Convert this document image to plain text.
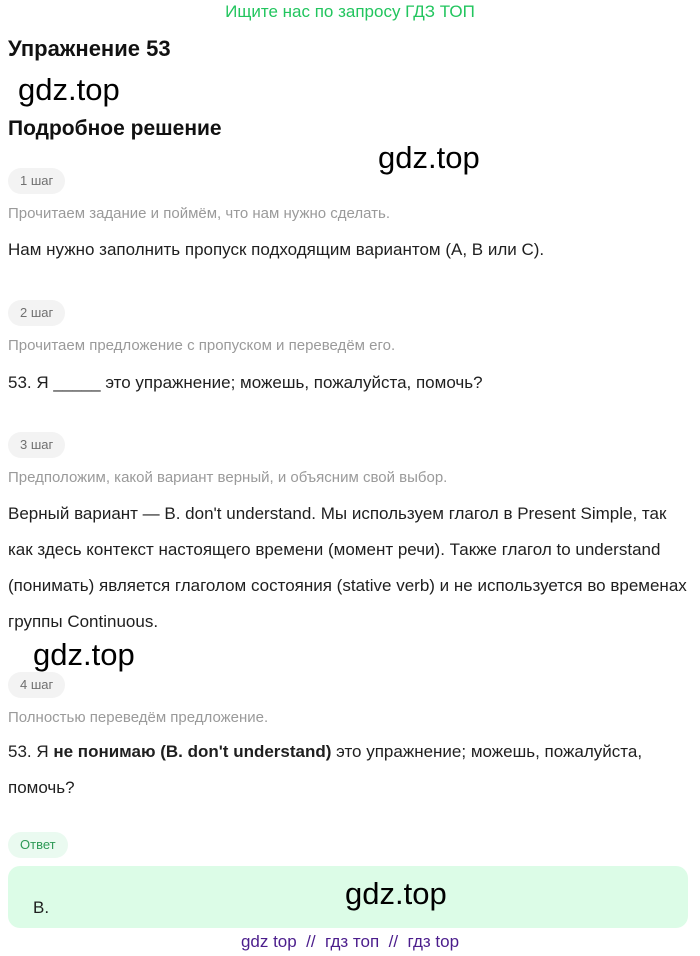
Ищите нас по запросу ГДЗ ТОП
Упражнение 53
gdz.top
Подробное решение
gdz.top
1 шаг
Прочитаем задание и поймём, что нам нужно сделать.
Нам нужно заполнить пропуск подходящим вариантом (A, B или C).
2 шаг
Прочитаем предложение с пропуском и переведём его.
53. Я _____ это упражнение; можешь, пожалуйста, помочь?
3 шаг
Предположим, какой вариант верный, и объясним свой выбор.
Верный вариант — B. don't understand. Мы используем глагол в Present Simple, так как здесь контекст настоящего времени (момент речи). Также глагол to understand (понимать) является глаголом состояния (stative verb) и не используется во временах группы Continuous.
gdz.top
4 шаг
Полностью переведём предложение.
53. Я не понимаю (B. don't understand) это упражнение; можешь, пожалуйста, помочь?
Ответ
gdz.top
B.
gdz top  //  гдз топ  //  гдз top
